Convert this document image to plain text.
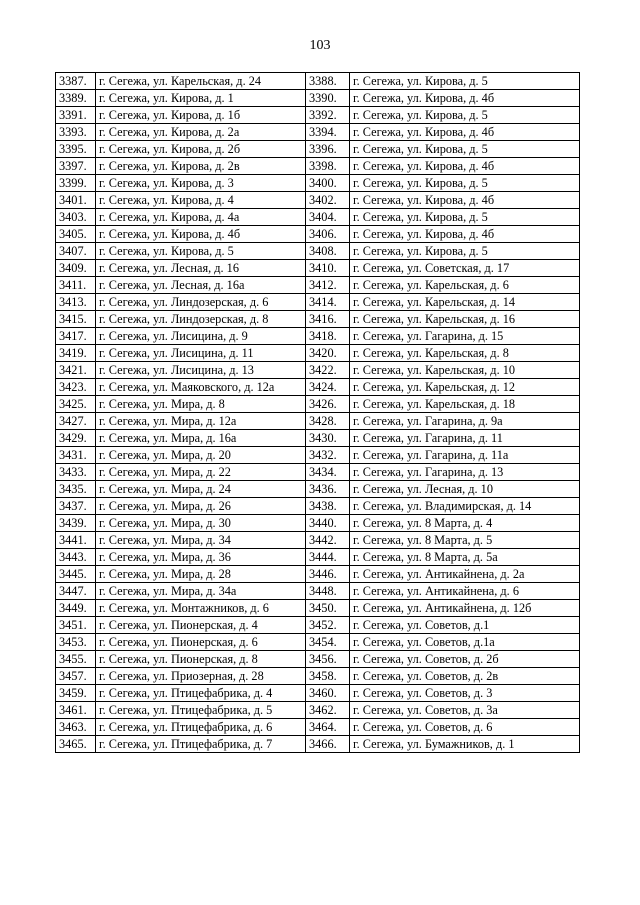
103
3387.	г. Сегежа, ул. Карельская, д. 24	3388.	г. Сегежа, ул. Кирова, д. 5
3389.	г. Сегежа, ул. Кирова, д. 1	3390.	г. Сегежа, ул. Кирова, д. 4б
3391.	г. Сегежа, ул. Кирова, д. 1б	3392.	г. Сегежа, ул. Кирова, д. 5
3393.	г. Сегежа, ул. Кирова, д. 2а	3394.	г. Сегежа, ул. Кирова, д. 4б
3395.	г. Сегежа, ул. Кирова, д. 2б	3396.	г. Сегежа, ул. Кирова, д. 5
3397.	г. Сегежа, ул. Кирова, д. 2в	3398.	г. Сегежа, ул. Кирова, д. 4б
3399.	г. Сегежа, ул. Кирова, д. 3	3400.	г. Сегежа, ул. Кирова, д. 5
3401.	г. Сегежа, ул. Кирова, д. 4	3402.	г. Сегежа, ул. Кирова, д. 4б
3403.	г. Сегежа, ул. Кирова, д. 4а	3404.	г. Сегежа, ул. Кирова, д. 5
3405.	г. Сегежа, ул. Кирова, д. 4б	3406.	г. Сегежа, ул. Кирова, д. 4б
3407.	г. Сегежа, ул. Кирова, д. 5	3408.	г. Сегежа, ул. Кирова, д. 5
3409.	г. Сегежа, ул. Лесная, д. 16	3410.	г. Сегежа, ул. Советская, д. 17
3411.	г. Сегежа, ул. Лесная, д. 16а	3412.	г. Сегежа, ул. Карельская, д. 6
3413.	г. Сегежа, ул. Линдозерская, д. 6	3414.	г. Сегежа, ул. Карельская, д. 14
3415.	г. Сегежа, ул. Линдозерская, д. 8	3416.	г. Сегежа, ул. Карельская, д. 16
3417.	г. Сегежа, ул. Лисицина, д. 9	3418.	г. Сегежа, ул. Гагарина, д. 15
3419.	г. Сегежа, ул. Лисицина, д. 11	3420.	г. Сегежа, ул. Карельская, д. 8
3421.	г. Сегежа, ул. Лисицина, д. 13	3422.	г. Сегежа, ул. Карельская, д. 10
3423.	г. Сегежа, ул. Маяковского, д. 12а	3424.	г. Сегежа, ул. Карельская, д. 12
3425.	г. Сегежа, ул. Мира, д. 8	3426.	г. Сегежа, ул. Карельская, д. 18
3427.	г. Сегежа, ул. Мира, д. 12а	3428.	г. Сегежа, ул. Гагарина, д. 9а
3429.	г. Сегежа, ул. Мира, д. 16а	3430.	г. Сегежа, ул. Гагарина, д. 11
3431.	г. Сегежа, ул. Мира, д. 20	3432.	г. Сегежа, ул. Гагарина, д. 11а
3433.	г. Сегежа, ул. Мира, д. 22	3434.	г. Сегежа, ул. Гагарина, д. 13
3435.	г. Сегежа, ул. Мира, д. 24	3436.	г. Сегежа, ул. Лесная, д. 10
3437.	г. Сегежа, ул. Мира, д. 26	3438.	г. Сегежа, ул. Владимирская, д. 14
3439.	г. Сегежа, ул. Мира, д. 30	3440.	г. Сегежа, ул. 8 Марта, д. 4
3441.	г. Сегежа, ул. Мира, д. 34	3442.	г. Сегежа, ул. 8 Марта, д. 5
3443.	г. Сегежа, ул. Мира, д. 36	3444.	г. Сегежа, ул. 8 Марта, д. 5а
3445.	г. Сегежа, ул. Мира, д. 28	3446.	г. Сегежа, ул. Антикайнена, д. 2а
3447.	г. Сегежа, ул. Мира, д. 34а	3448.	г. Сегежа, ул. Антикайнена, д. 6
3449.	г. Сегежа, ул. Монтажников, д. 6	3450.	г. Сегежа, ул. Антикайнена, д. 12б
3451.	г. Сегежа, ул. Пионерская, д. 4	3452.	г. Сегежа, ул. Советов, д.1
3453.	г. Сегежа, ул. Пионерская, д. 6	3454.	г. Сегежа, ул. Советов, д.1а
3455.	г. Сегежа, ул. Пионерская, д. 8	3456.	г. Сегежа, ул. Советов, д. 2б
3457.	г. Сегежа, ул. Приозерная, д. 28	3458.	г. Сегежа, ул. Советов, д. 2в
3459.	г. Сегежа, ул. Птицефабрика, д. 4	3460.	г. Сегежа, ул. Советов, д. 3
3461.	г. Сегежа, ул. Птицефабрика, д. 5	3462.	г. Сегежа, ул. Советов, д. 3а
3463.	г. Сегежа, ул. Птицефабрика, д. 6	3464.	г. Сегежа, ул. Советов, д. 6
3465.	г. Сегежа, ул. Птицефабрика, д. 7	3466.	г. Сегежа, ул. Бумажников, д. 1
